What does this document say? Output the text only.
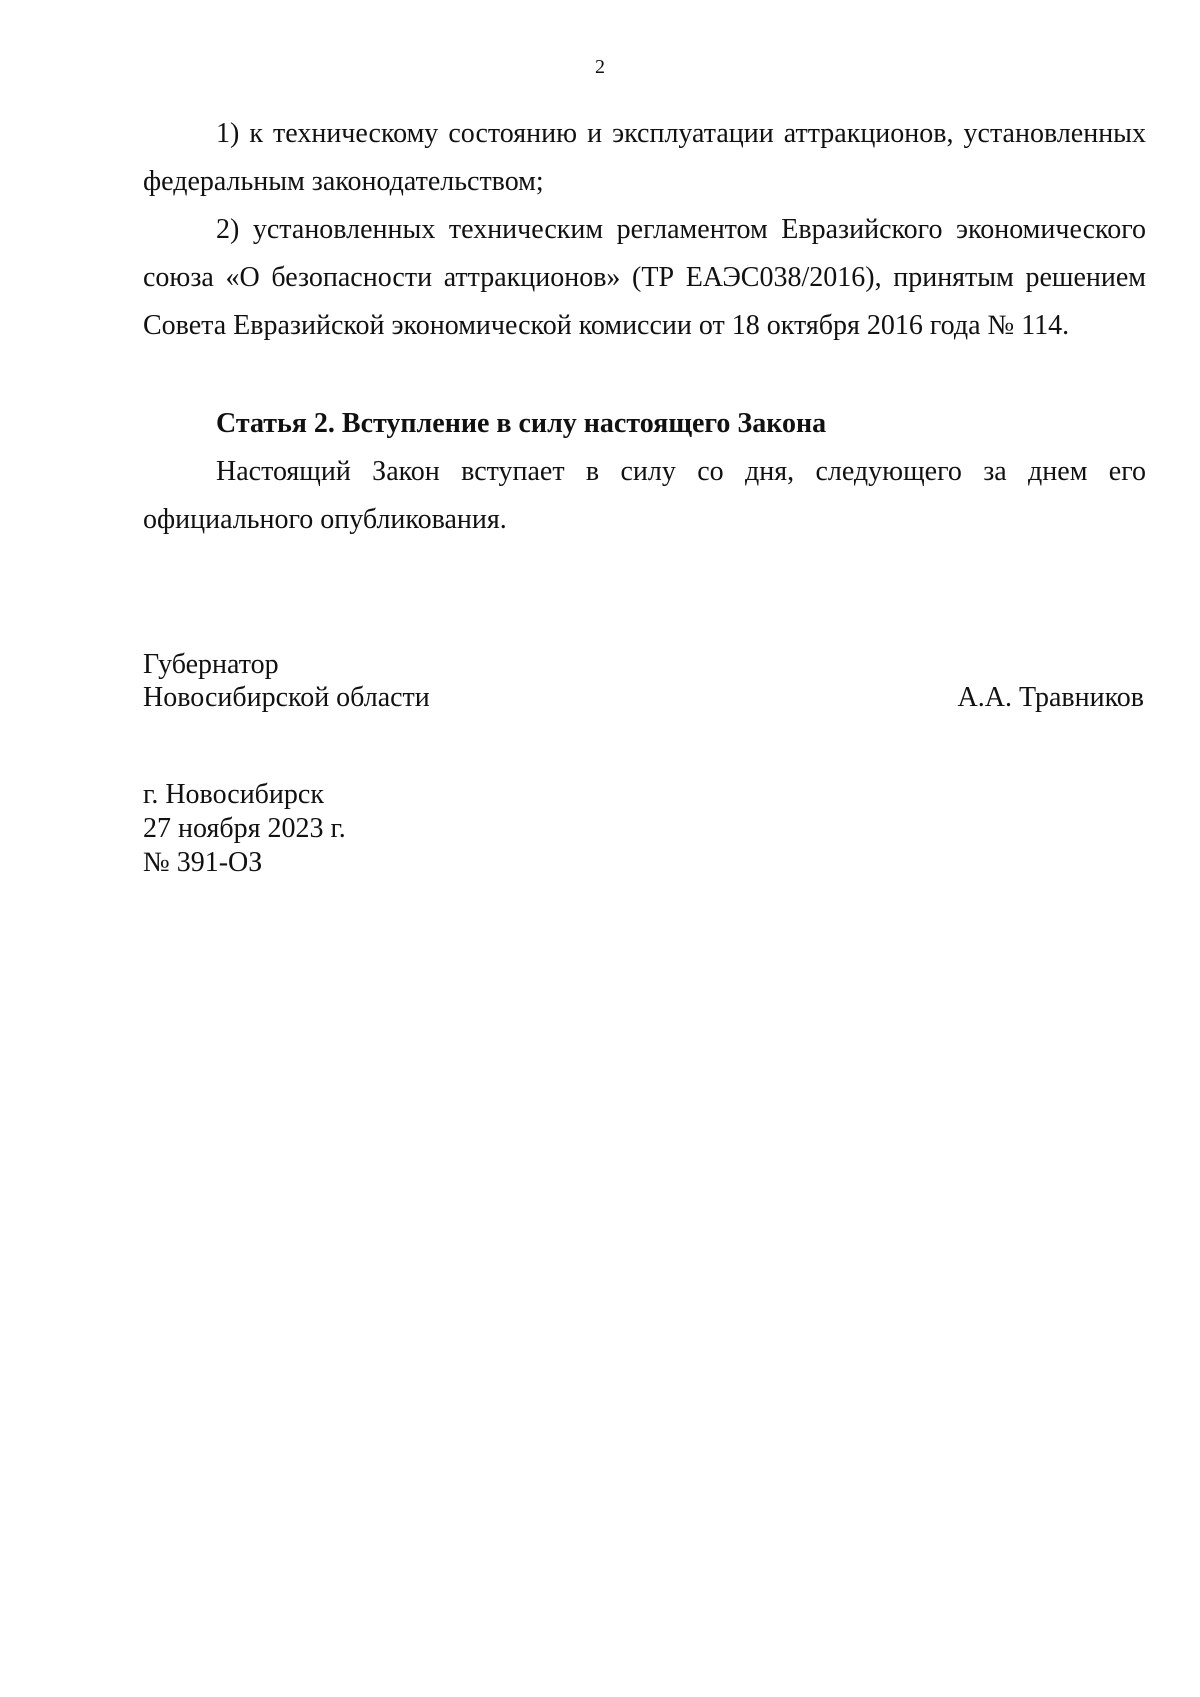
2

1) к техническому состоянию и эксплуатации аттракционов, установленных федеральным законодательством;

2) установленных техническим регламентом Евразийского экономического союза «О безопасности аттракционов» (ТР ЕАЭС038/2016), принятым решением Совета Евразийской экономической комиссии от 18 октября 2016 года № 114.

Статья 2. Вступление в силу настоящего Закона

Настоящий Закон вступает в силу со дня, следующего за днем его официального опубликования.

Губернатор
Новосибирской области	А.А. Травников
г. Новосибирск
27 ноября 2023 г.
№ 391-ОЗ
